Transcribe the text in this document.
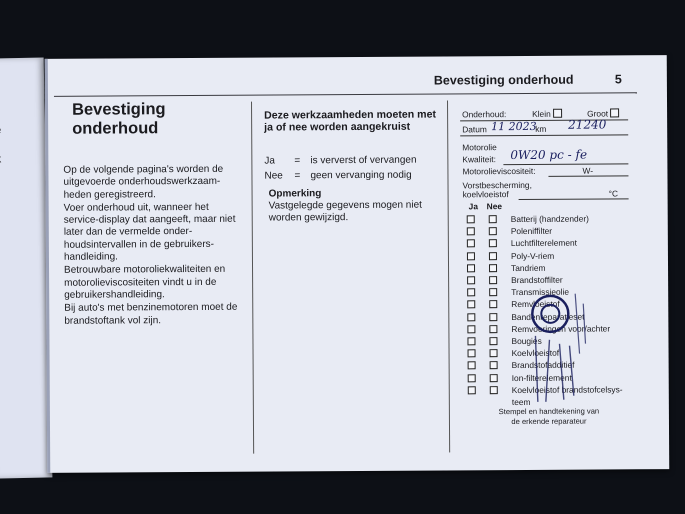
Bevestiging onderhoud	5
Bevestiging
onderhoud

Op de volgende pagina's worden de uitgevoerde onderhoudswerkzaam-heden geregistreerd.

Voer onderhoud uit, wanneer het service-display dat aangeeft, maar niet later dan de vermelde onder-houdsintervallen in de gebruikers-handleiding.

Betrouwbare motoroliekwaliteiten en motorolieviscositeiten vindt u in de gebruikershandleiding.

Bij auto's met benzinemotoren moet de brandstoftank vol zijn.

Deze werkzaamheden moeten met ja of nee worden aangekruist
Ja = is ververst of vervangen
Nee = geen vervanging nodig
Opmerking
Vastgelegde gegevens mogen niet worden gewijzigd.
Onderhoud:	Klein	Groot
Datum 11 2023
km 21240
Motorolie
Kwaliteit: 0W20 pc - fe
Motorolieviscositeit:	W-
Vorstbescherming,
koelvloeistof	°C
Ja Nee
Batterij (handzender)
Poleniffilter
Luchtfilterelement
Poly-V-riem
Tandriem
Brandstoffilter
Transmissieolie
Remvloeistof
Bandenreparatieset
Remvoeringen voor/achter
Bougies
Koelvloeistof
Brandstofadditief
Ion-filterelement
Koelvloeistof brandstofcelsys-
teem
Stempel en handtekening van
de erkende reparateur
